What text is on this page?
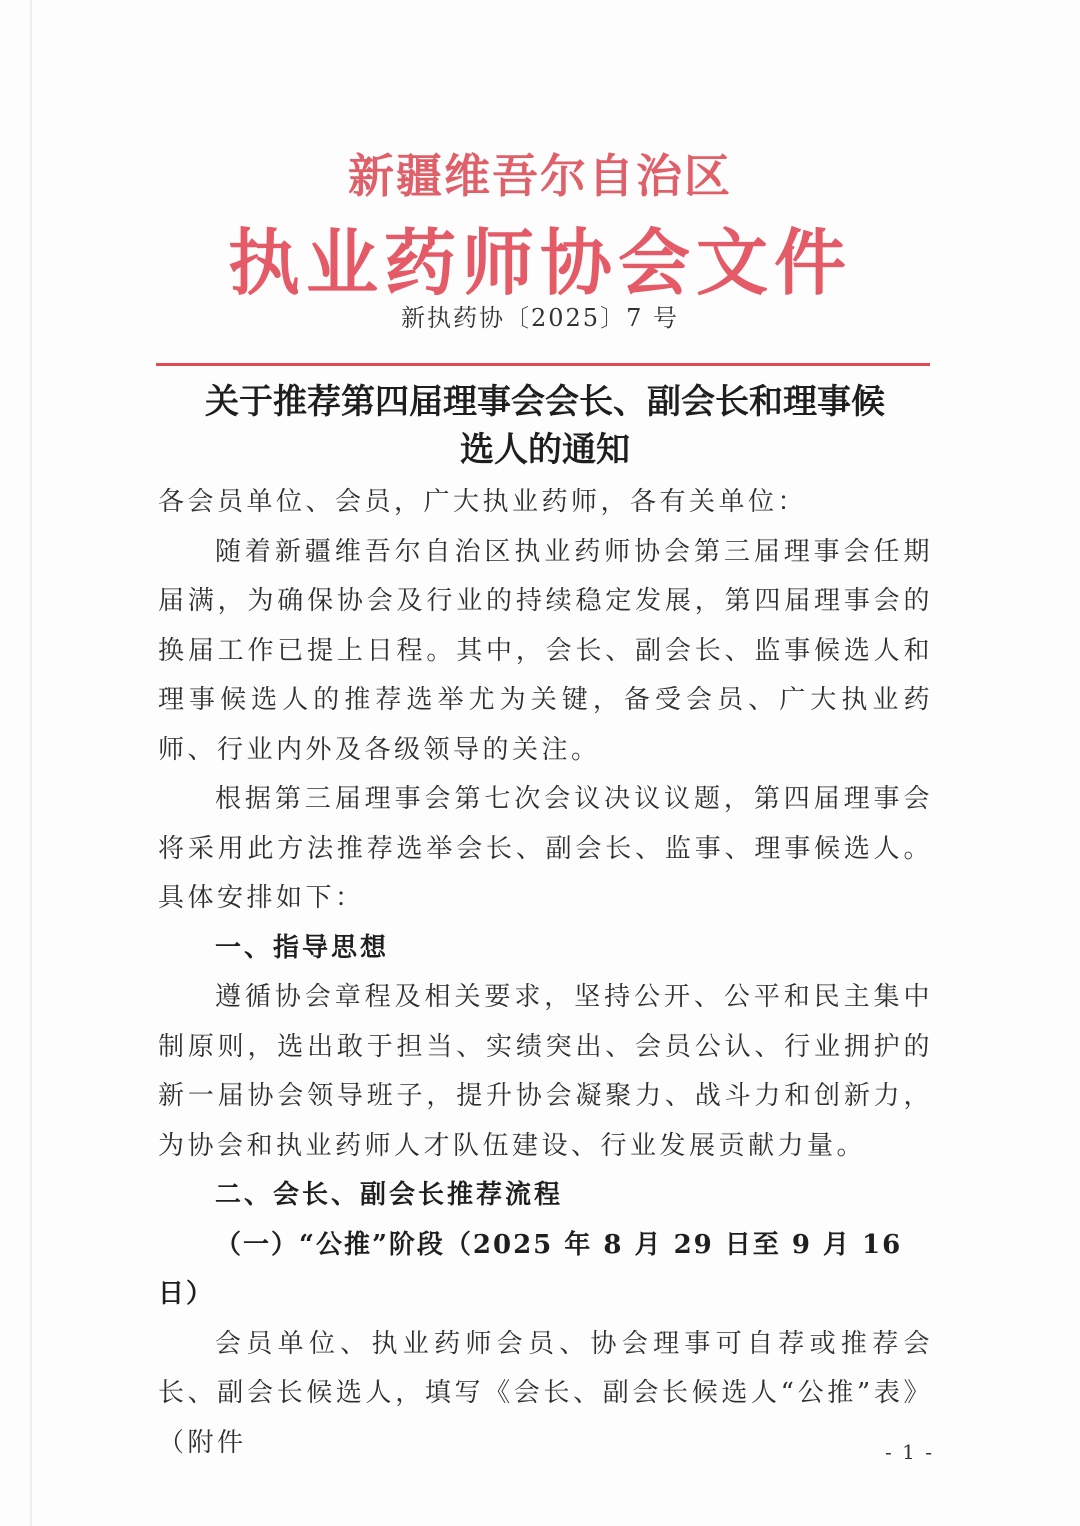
新疆维吾尔自治区
执业药师协会文件
新执药协〔2025〕7 号
关于推荐第四届理事会会长、副会长和理事候
选人的通知

各会员单位、会员，广大执业药师，各有关单位：

随着新疆维吾尔自治区执业药师协会第三届理事会任期届满，为确保协会及行业的持续稳定发展，第四届理事会的换届工作已提上日程。其中，会长、副会长、监事候选人和理事候选人的推荐选举尤为关键，备受会员、广大执业药师、行业内外及各级领导的关注。

根据第三届理事会第七次会议决议议题，第四届理事会将采用此方法推荐选举会长、副会长、监事、理事候选人。具体安排如下：

一、指导思想

遵循协会章程及相关要求，坚持公开、公平和民主集中制原则，选出敢于担当、实绩突出、会员公认、行业拥护的新一届协会领导班子，提升协会凝聚力、战斗力和创新力，为协会和执业药师人才队伍建设、行业发展贡献力量。

二、会长、副会长推荐流程

（一）“公推”阶段（2025 年 8 月 29 日至 9 月 16 日）

会员单位、执业药师会员、协会理事可自荐或推荐会长、副会长候选人，填写《会长、副会长候选人“公推”表》（附件	- 1 -
